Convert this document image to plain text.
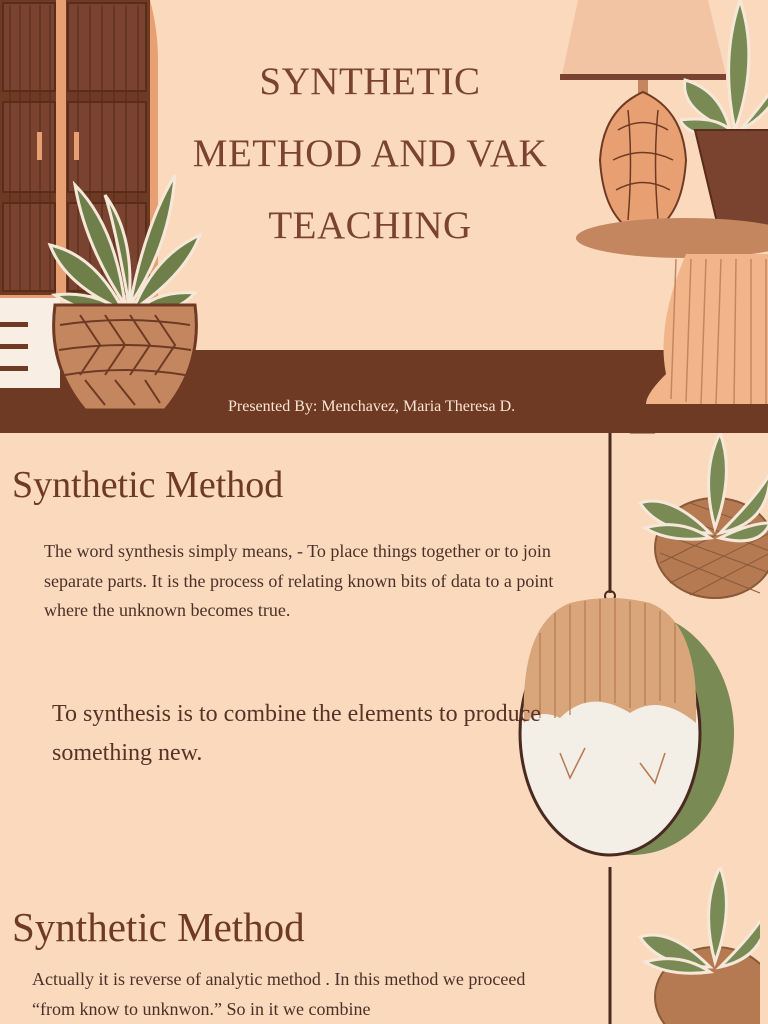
SYNTHETIC
METHOD AND VAK
TEACHING

Presented By: Menchavez, Maria Theresa D.

Synthetic Method

The word synthesis simply means, - To place things together or to join separate parts. It is the process of relating known bits of data to a point where the unknown becomes true.

To synthesis is to combine the elements to produce something new.

Synthetic Method

Actually it is reverse of analytic method . In this method we proceed “from know to unknwon.” So in it we combine
